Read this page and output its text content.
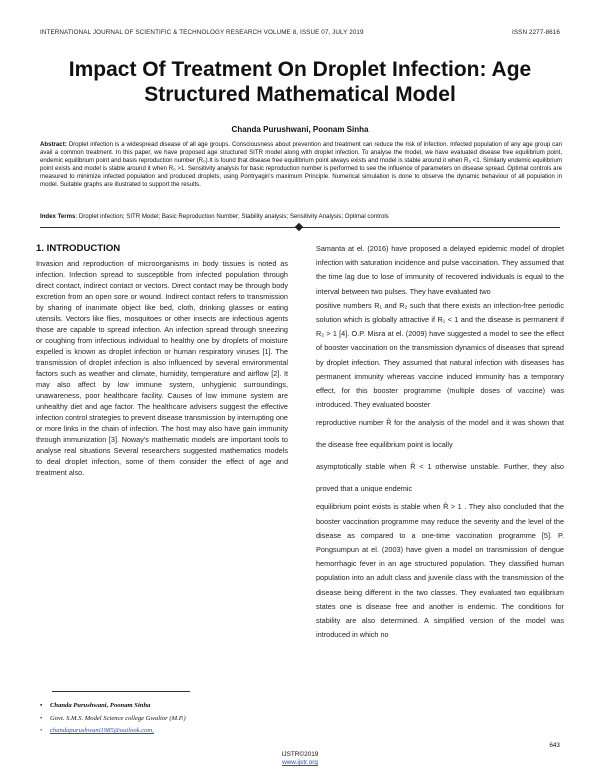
INTERNATIONAL JOURNAL OF SCIENTIFIC & TECHNOLOGY RESEARCH VOLUME 8, ISSUE 07, JULY 2019	ISSN 2277-8616
Impact Of Treatment On Droplet Infection: Age
Structured Mathematical Model
Chanda Purushwani, Poonam Sinha

Abstract: Droplet infection is a widespread disease of all age groups. Consciousness about prevention and treatment can reduce the risk of infection. Infected population of any age group can avail a common treatment. In this paper, we have proposed age structured SITR model along with droplet infection. To analyse the model, we have evaluated disease free equilibrium point, endemic equilibrium point and basis reproduction number (R₀).It is found that disease free equilibrium point always exists and model is stable around it when R₀ <1. Similarly endemic equilibrium point exists and model is stable around it when R₀ >1. Sensitivity analysis for basic reproduction number is performed to see the influence of parameters on disease spread. Optimal controls are measured to minimize infected population and produced droplets, using Pontryagin's maximum Principle. Numerical simulation is done to observe the dynamic behaviour of all population in model. Suitable graphs are illustrated to support the results.

Index Terms: Droplet infection; SITR Model; Basic Reproduction Number; Stability analysis; Sensitivity Analysis; Optimal controls

1. INTRODUCTION

Invasion and reproduction of microorganisms in body tissues is noted as infection. Infection spread to susceptible from infected population through direct contact, indirect contact or vectors. Direct contact may be through body excretion from an open sore or wound. Indirect contact refers to transmission by sharing of inanimate object like bed, cloth, drinking glasses or eating utensils. Vectors like flies, mosquitoes or other insects are infectious agents those are capable to spread infection. An infection spread through sneezing or coughing from infectious individual to healthy one by droplets of moisture expelled is known as droplet infection or human respiratory viruses [1]. The transmission of droplet infection is also influenced by several environmental factors such as weather and climate, humidity, temperature and airflow [2]. It may also affect by low immune system, unhygienic surroundings, unawareness, poor healthcare facility. Causes of low immune system are unhealthy diet and age factor. The healthcare advisers suggest the effective infection control strategies to prevent disease transmission by interrupting one or more links in the chain of infection. The host may also have gain immunity through immunization [3]. Noway's mathematic models are important tools to analyse real situations Several researchers suggested mathematics models to deal droplet infection, some of them consider the effect of age and treatment also.

Samanta at el. (2016) have proposed a delayed epidemic model of droplet infection with saturation incidence and pulse vaccination. They assumed that the time lag due to lose of immunity of recovered individuals is equal to the interval between two pulses. They have evaluated two
positive numbers R₁ and R₂ such that there exists an infection-free periodic solution which is globally attractive if R₁ < 1 and the disease is permanent if R₂ > 1 [4]. O.P. Misra at el. (2009) have suggested a model to see the effect of booster vaccination on the transmission dynamics of diseases that spread by droplet infection. They assumed that natural infection with diseases has permanent immunity whereas vaccine induced immunity has a temporary effect, for this booster programme (multiple doses of vaccine) was introduced. They evaluated booster
reproductive number R̂ for the analysis of the model and it was shown that the disease free equilibrium point is locally
asymptotically stable when R̂ < 1 otherwise unstable. Further, they also proved that a unique endemic
equilibrium point exists is stable when R̂ > 1 . They also concluded that the booster vaccination programme may reduce the severity and the level of the disease as compared to a one-time vaccination programme [5]. P. Pongsumpun at el. (2003) have given a model on transmission of dengue hemorrhagic fever in an age structured population. They classified human population into an adult class and juvenile class with the transmission of the disease being different in the two classes. They evaluated two equilibrium states one is disease free and another is endemic. The conditions for stability are also determined. A simplified version of the model was introduced in which no

• Chanda Purushwani, Poonam Sinha
• Govt. S.M.S. Model Science college Gwalior (M.P.)
• chandapurushwani1985@outlook.com,
643
IJSTR©2019
www.ijstr.org
